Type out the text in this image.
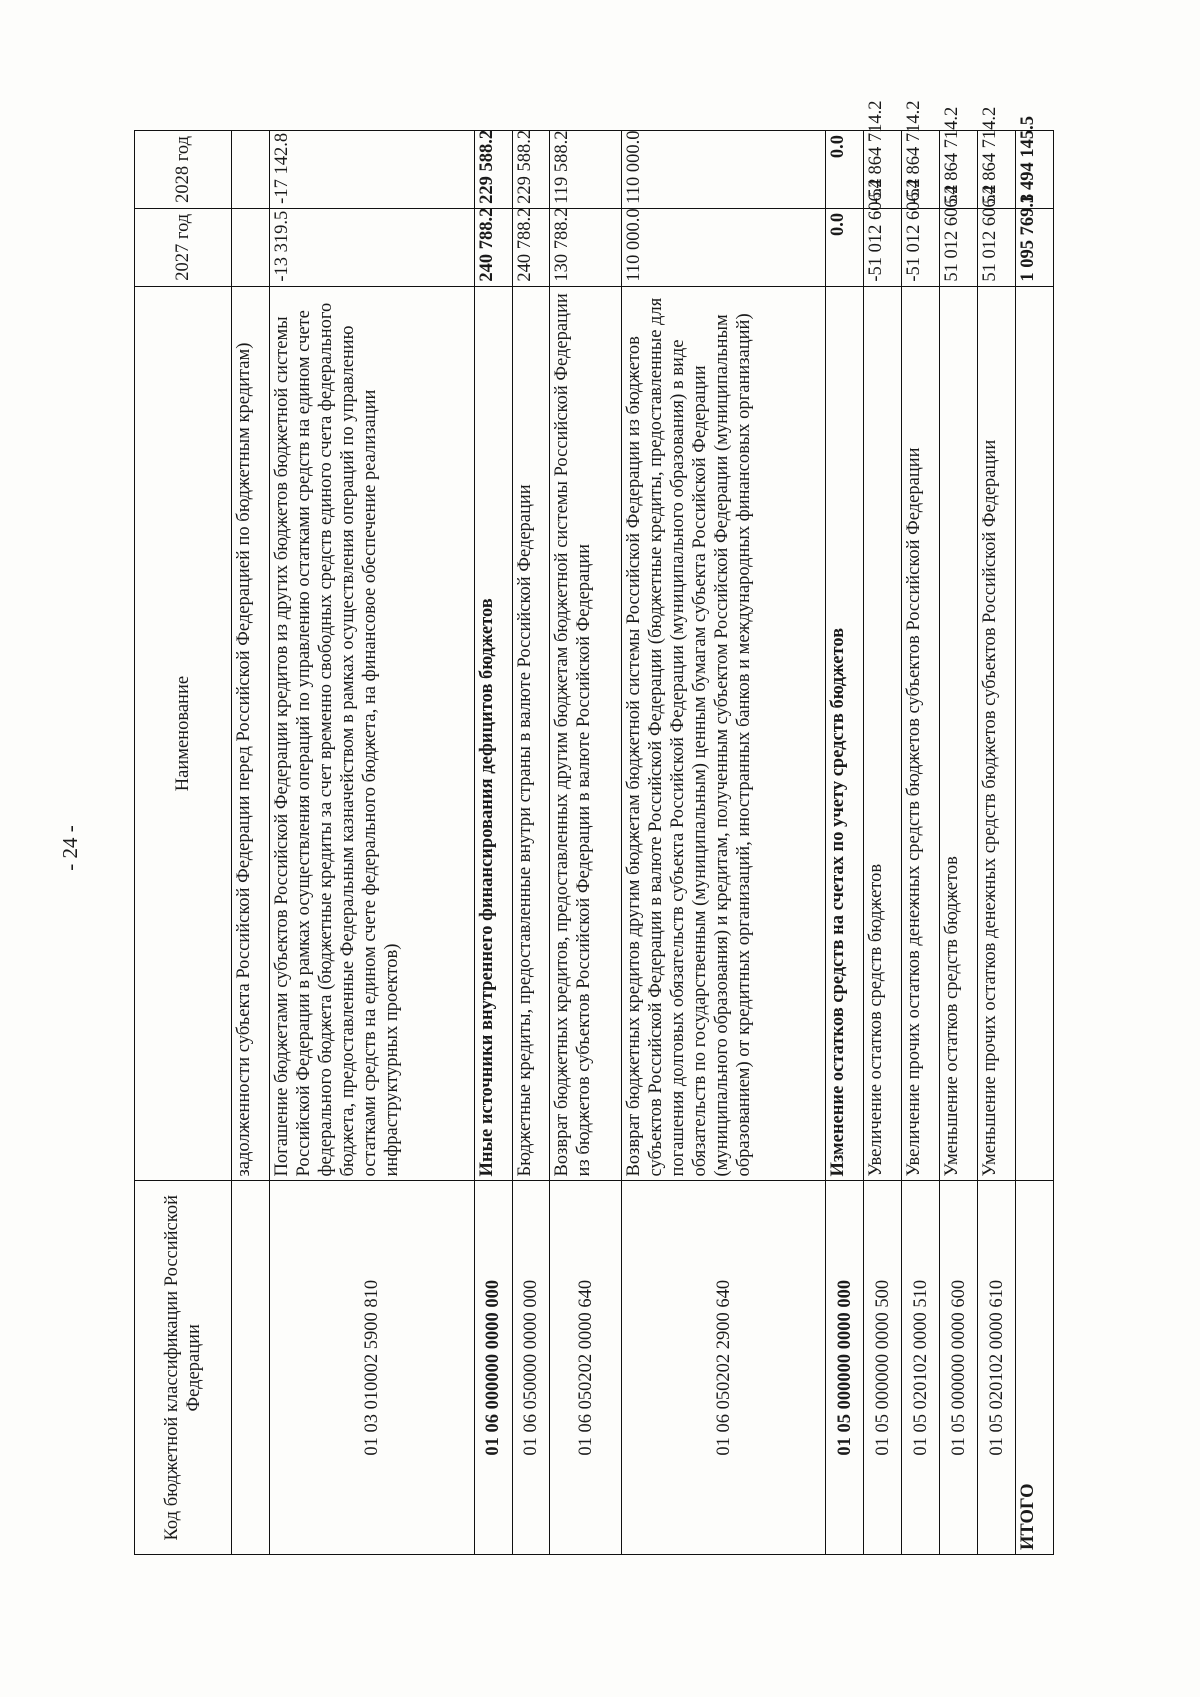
- 24 -
Код бюджетной классификации Российской Федерации	Наименование	2027 год	2028 год
	задолженности субъекта Российской Федерации перед Российской Федерацией по бюджетным кредитам)		
01 03 010002 5900 810	Погашение бюджетами субъектов Российской Федерации кредитов из других бюджетов бюджетной системы Российской Федерации в рамках осуществления операций по управлению остатками средств на едином счете федерального бюджета (бюджетные кредиты за счет временно свободных средств единого счета федерального бюджета, предоставленные Федеральным казначейством в рамках осуществления операций по управлению остатками средств на едином счете федерального бюджета, на финансовое обеспечение реализации инфраструктурных проектов)	-13 319.5	-17 142.8
01 06 000000 0000 000	Иные источники внутреннего финансирования дефицитов бюджетов	240 788.2	229 588.2
01 06 050000 0000 000	Бюджетные кредиты, предоставленные внутри страны в валюте Российской Федерации	240 788.2	229 588.2
01 06 050202 0000 640	Возврат бюджетных кредитов, предоставленных другим бюджетам бюджетной системы Российской Федерации из бюджетов субъектов Российской Федерации в валюте Российской Федерации	130 788.2	119 588.2
01 06 050202 2900 640	Возврат бюджетных кредитов другим бюджетам бюджетной системы Российской Федерации из бюджетов субъектов Российской Федерации в валюте Российской Федерации (бюджетные кредиты, предоставленные для погашения долговых обязательств субъекта Российской Федерации (муниципального образования) в виде обязательств по государственным (муниципальным) ценным бумагам субъекта Российской Федерации (муниципального образования) и кредитам, полученным субъектом Российской Федерации (муниципальным образованием) от кредитных организаций, иностранных банков и международных финансовых организаций)	110 000.0	110 000.0
01 05 000000 0000 000	Изменение остатков средств на счетах по учету средств бюджетов	0.0	0.0
01 05 000000 0000 500	Увеличение остатков средств бюджетов	-51 012 606.2	-54 864 714.2
01 05 020102 0000 510	Увеличение прочих остатков денежных средств бюджетов субъектов Российской Федерации	-51 012 606.2	-54 864 714.2
01 05 000000 0000 600	Уменьшение остатков средств бюджетов	51 012 606.2	54 864 714.2
01 05 020102 0000 610	Уменьшение прочих остатков денежных средств бюджетов субъектов Российской Федерации	51 012 606.2	54 864 714.2
ИТОГО		1 095 769.3	1 494 145.5
